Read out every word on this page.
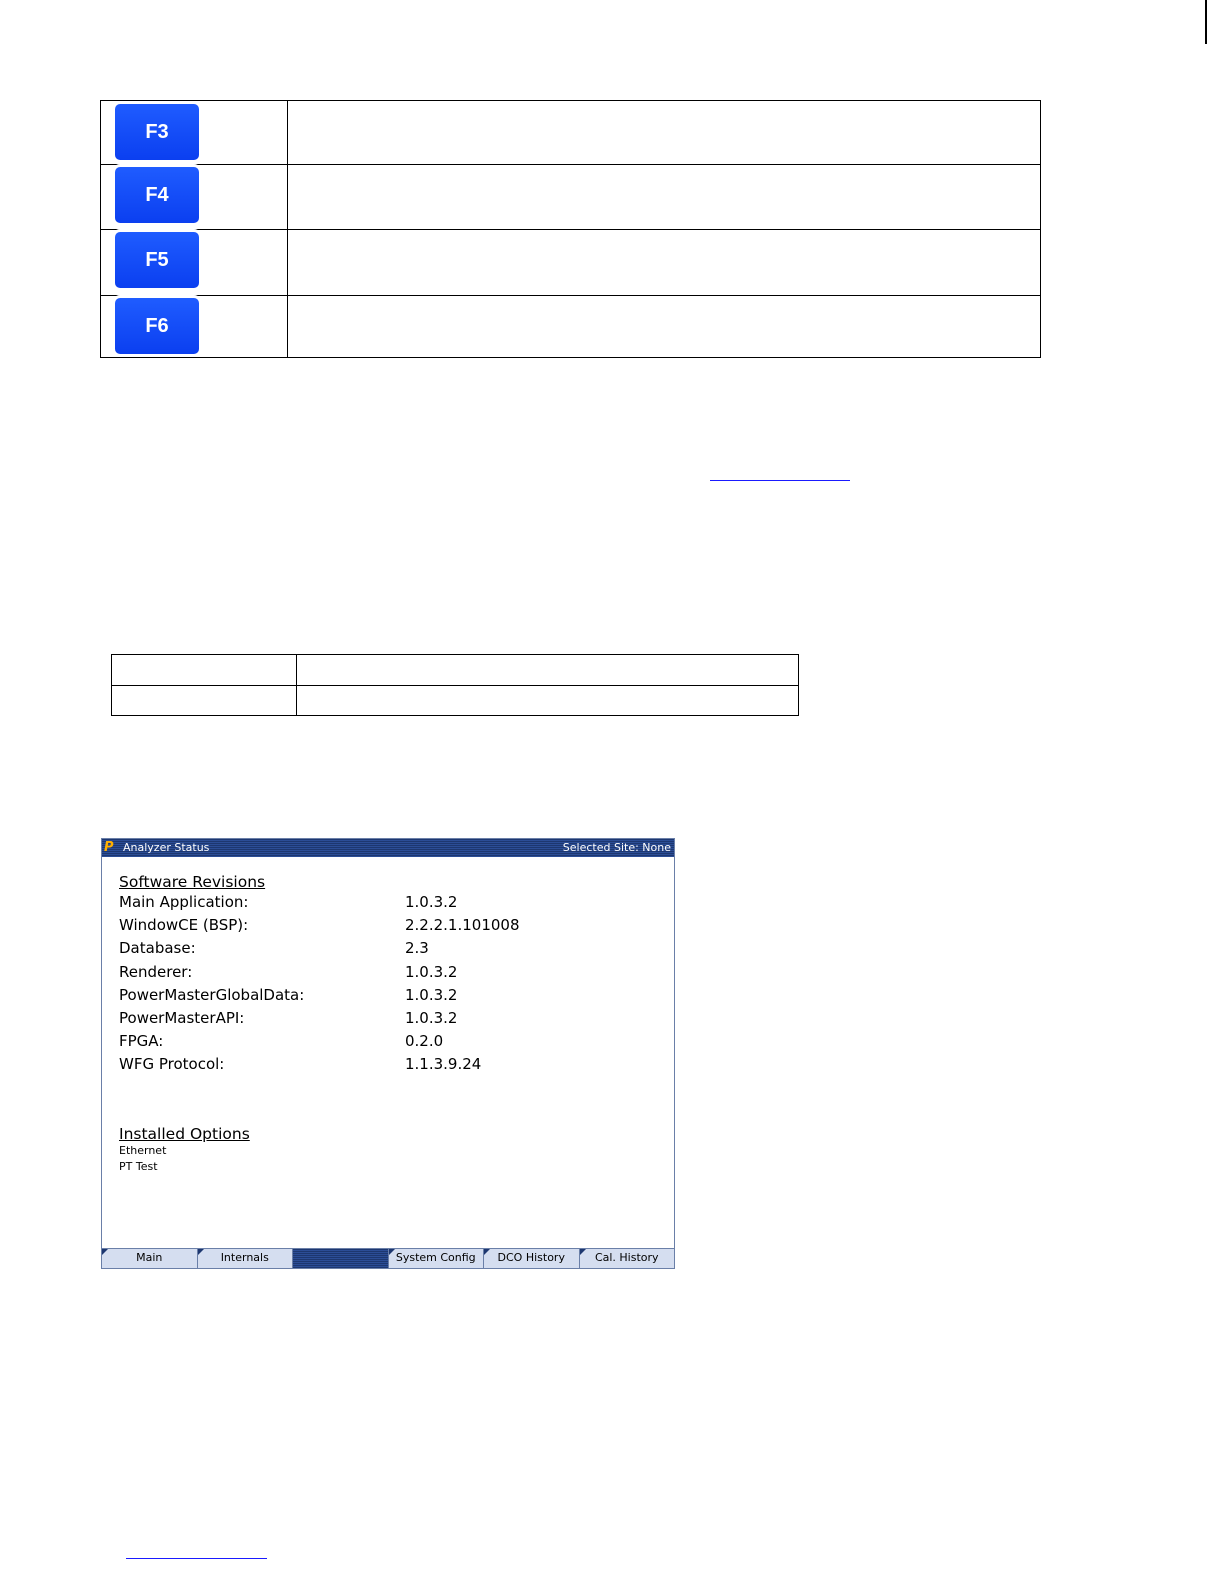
F3
F4
F5
F6
P Analyzer Status	Selected Site: None
Software Revisions
Main Application:	1.0.3.2
WindowCE (BSP):	2.2.2.1.101008
Database:	2.3
Renderer:	1.0.3.2
PowerMasterGlobalData:	1.0.3.2
PowerMasterAPI:	1.0.3.2
FPGA:	0.2.0
WFG Protocol:	1.1.3.9.24
Installed Options
Ethernet
PT Test
Main	Internals	System Config	DCO History	Cal. History
